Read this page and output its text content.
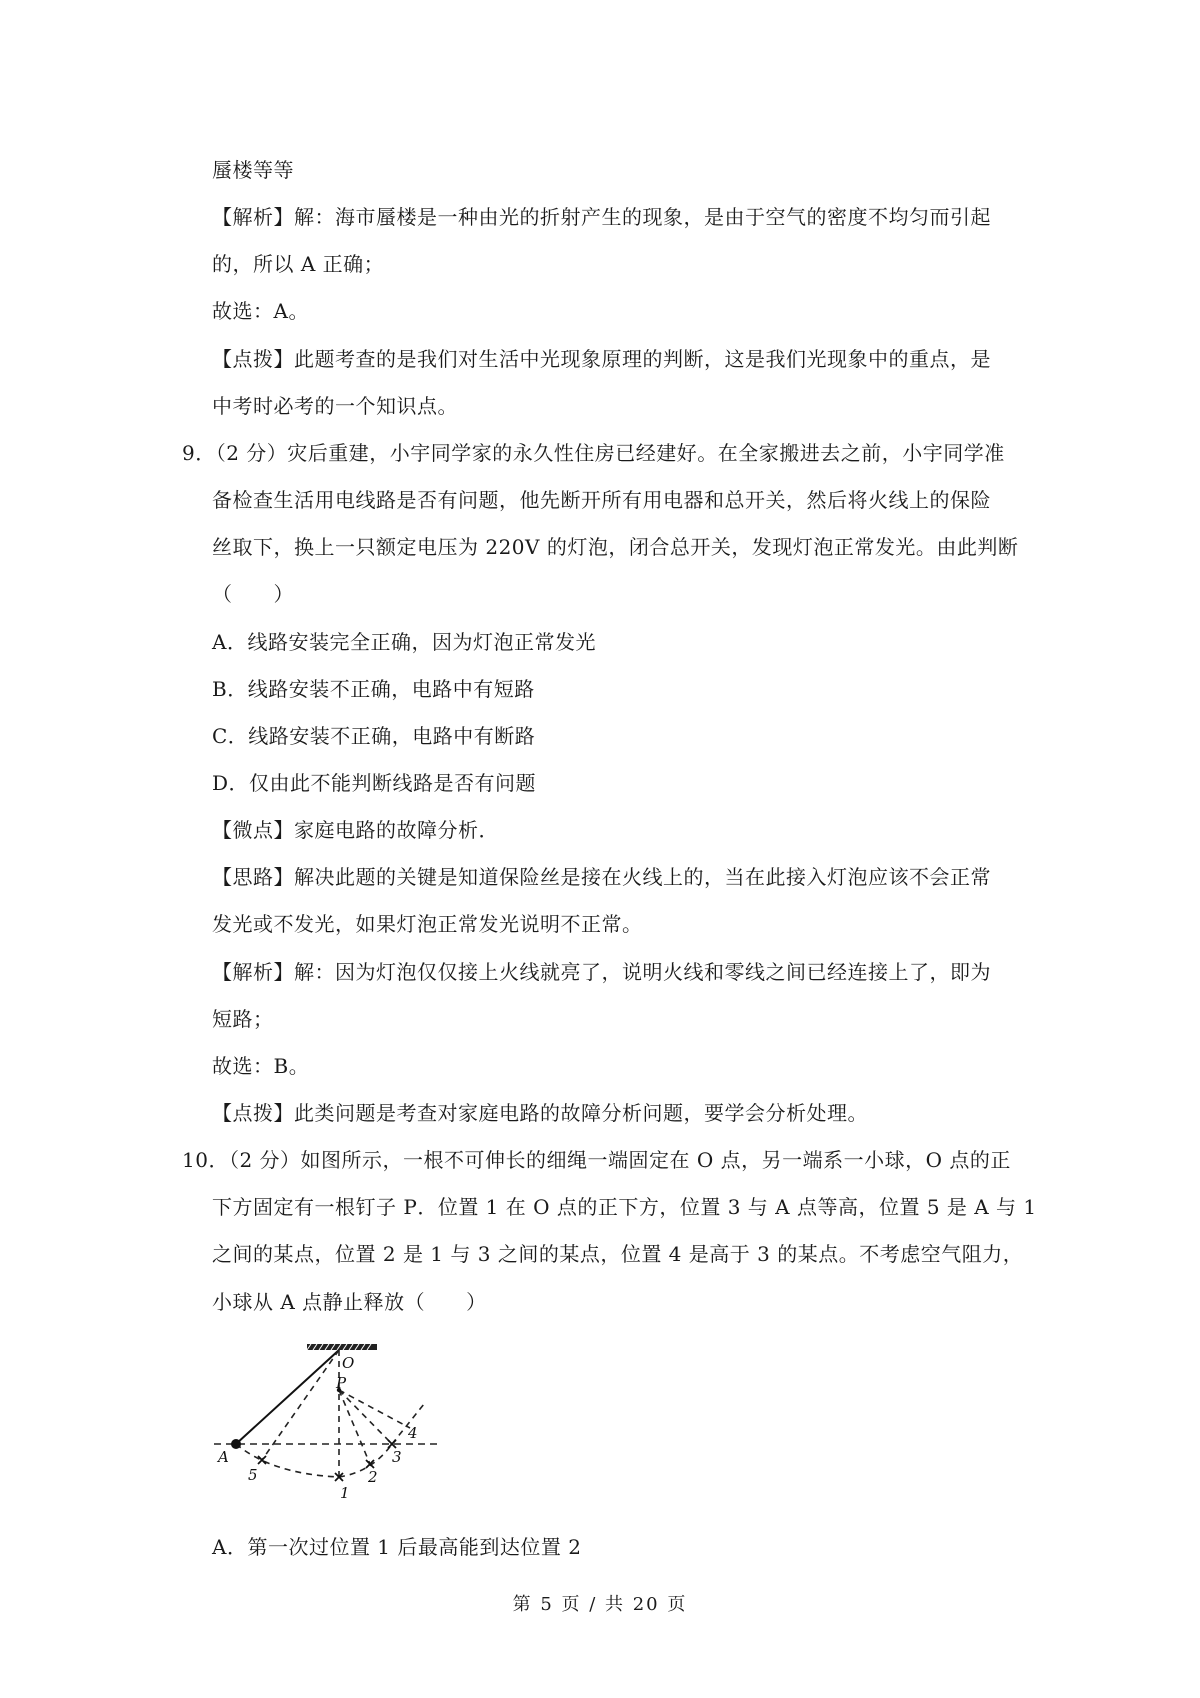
蜃楼等等
【解析】解：海市蜃楼是一种由光的折射产生的现象，是由于空气的密度不均匀而引起
的，所以 A 正确；
故选：A。
【点拨】此题考查的是我们对生活中光现象原理的判断，这是我们光现象中的重点，是
中考时必考的一个知识点。
9．（2 分）灾后重建，小宇同学家的永久性住房已经建好。在全家搬进去之前，小宇同学准
备检查生活用电线路是否有问题，他先断开所有用电器和总开关，然后将火线上的保险
丝取下，换上一只额定电压为 220V 的灯泡，闭合总开关，发现灯泡正常发光。由此判断
（　　）
A．线路安装完全正确，因为灯泡正常发光
B．线路安装不正确，电路中有短路
C．线路安装不正确，电路中有断路
D．仅由此不能判断线路是否有问题
【微点】家庭电路的故障分析．
【思路】解决此题的关键是知道保险丝是接在火线上的，当在此接入灯泡应该不会正常
发光或不发光，如果灯泡正常发光说明不正常。
【解析】解：因为灯泡仅仅接上火线就亮了，说明火线和零线之间已经连接上了，即为
短路；
故选：B。
【点拨】此类问题是考查对家庭电路的故障分析问题，要学会分析处理。
10．（2 分）如图所示，一根不可伸长的细绳一端固定在 O 点，另一端系一小球，O 点的正
下方固定有一根钉子 P．位置 1 在 O 点的正下方，位置 3 与 A 点等高，位置 5 是 A 与 1
之间的某点，位置 2 是 1 与 3 之间的某点，位置 4 是高于 3 的某点。不考虑空气阻力，
小球从 A 点静止释放（　　）
O
P
A
5
1
2
3
4
A．第一次过位置 1 后最高能到达位置 2
第 5 页 / 共 20 页
